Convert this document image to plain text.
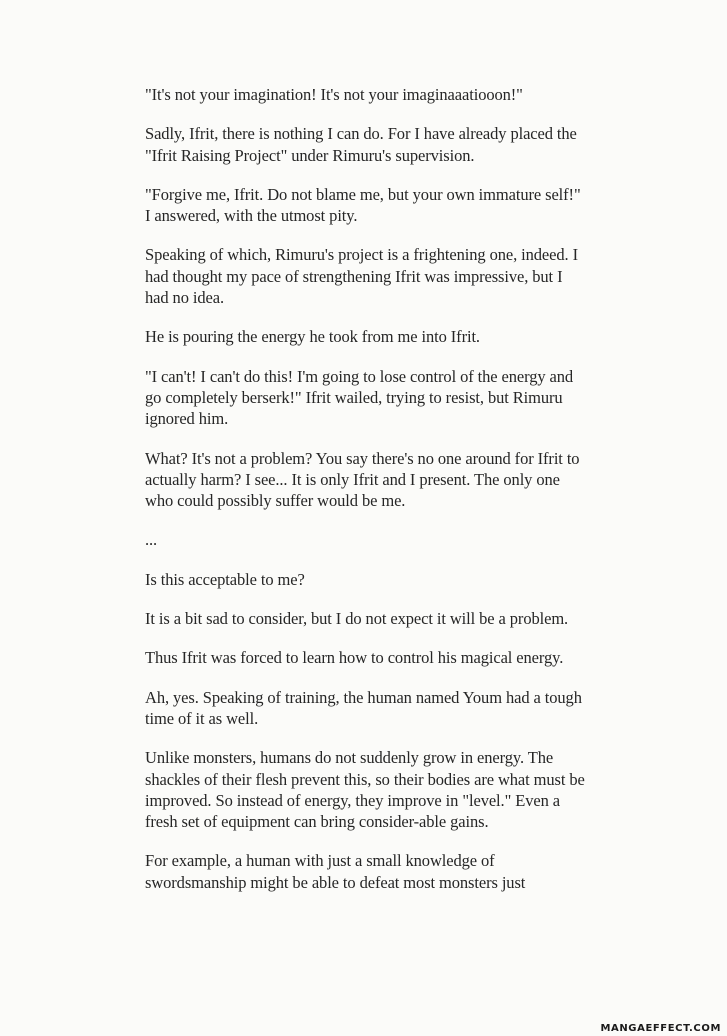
"It's not your imagination! It's not your imaginaaatiooon!"

Sadly, Ifrit, there is nothing I can do. For I have already placed the "Ifrit Raising Project" under Rimuru's supervision.

"Forgive me, Ifrit. Do not blame me, but your own immature self!" I answered, with the utmost pity.

Speaking of which, Rimuru's project is a frightening one, indeed. I had thought my pace of strengthening Ifrit was impressive, but I had no idea.

He is pouring the energy he took from me into Ifrit.

"I can't! I can't do this! I'm going to lose control of the energy and go completely berserk!" Ifrit wailed, trying to resist, but Rimuru ignored him.

What? It's not a problem? You say there's no one around for Ifrit to actually harm? I see... It is only Ifrit and I present. The only one who could possibly suffer would be me.

...

Is this acceptable to me?

It is a bit sad to consider, but I do not expect it will be a problem.

Thus Ifrit was forced to learn how to control his magical energy.

Ah, yes. Speaking of training, the human named Youm had a tough time of it as well.

Unlike monsters, humans do not suddenly grow in energy. The shackles of their flesh prevent this, so their bodies are what must be improved. So instead of energy, they improve in "level." Even a fresh set of equipment can bring consider-able gains.

For example, a human with just a small knowledge of swordsmanship might be able to defeat most monsters just

MANGAEFFECT.COM
